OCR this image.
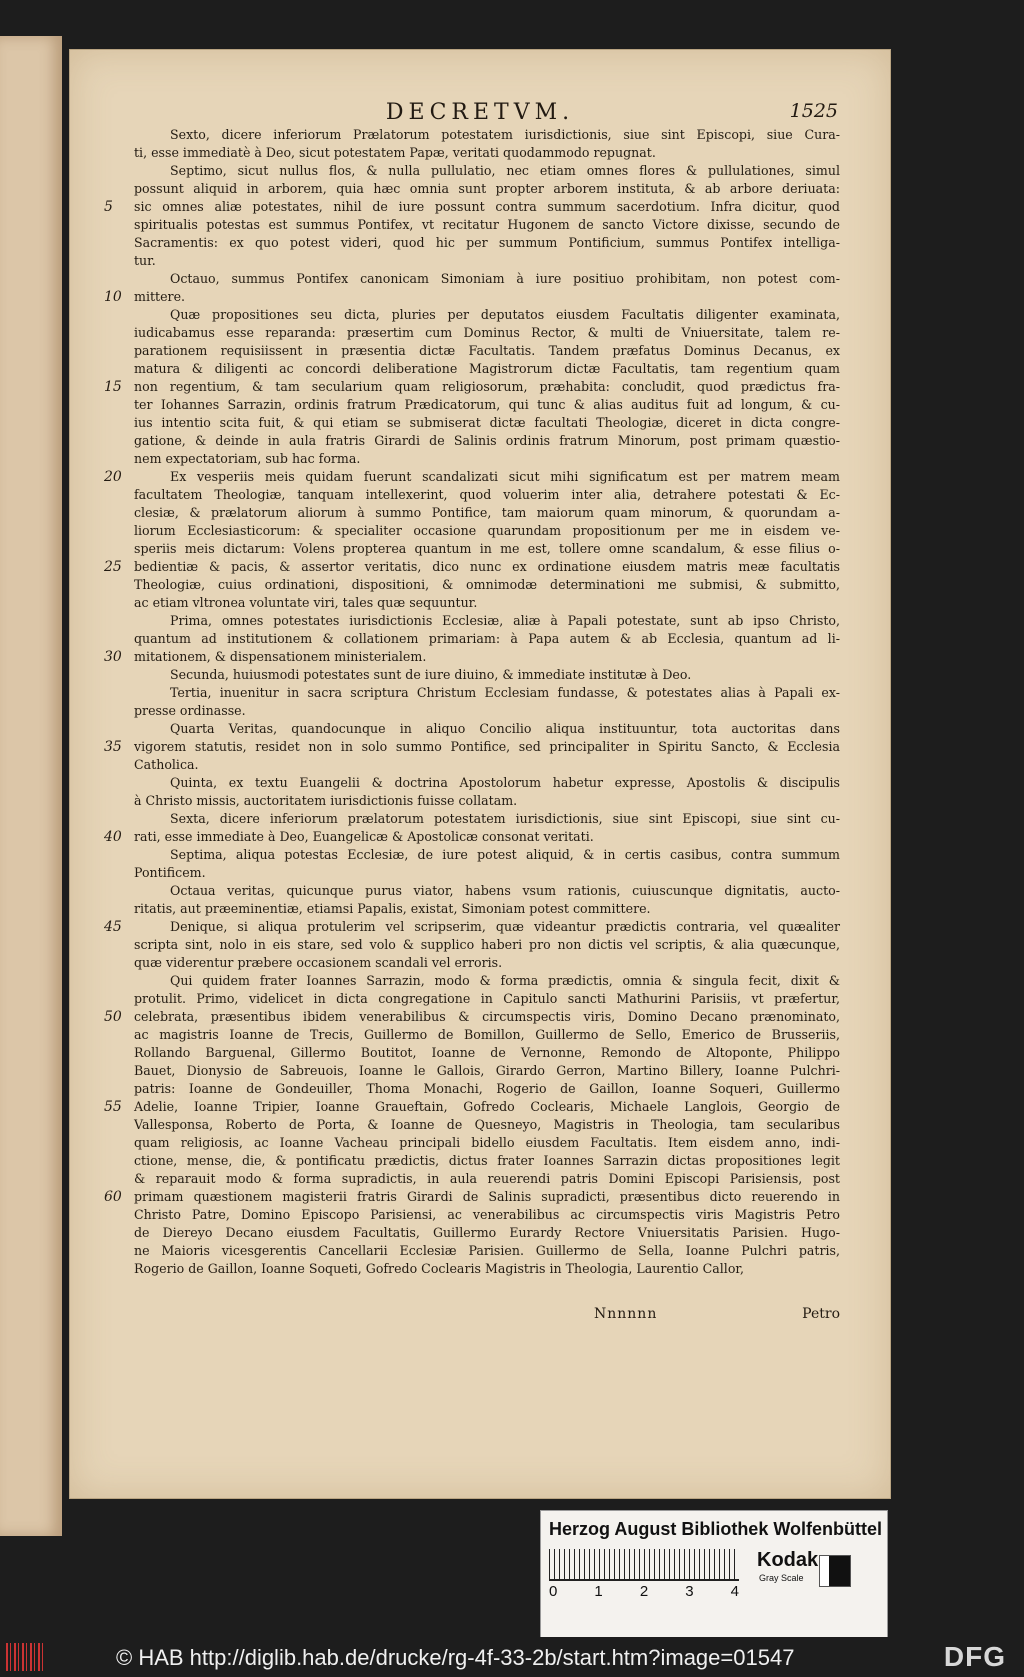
DECRETVM.	1525
Sexto, dicere inferiorum Prælatorum potestatem iurisdictionis, siue sint Episcopi, siue Cura-
ti, esse immediatè à Deo, sicut potestatem Papæ, veritati quodammodo repugnat.
Septimo, sicut nullus flos, & nulla pullulatio, nec etiam omnes flores & pullulationes, simul
possunt aliquid in arborem, quia hæc omnia sunt propter arborem instituta, & ab arbore deriuata:
5	sic omnes aliæ potestates, nihil de iure possunt contra summum sacerdotium. Infra dicitur, quod
spiritualis potestas est summus Pontifex, vt recitatur Hugonem de sancto Victore dixisse, secundo de
Sacramentis: ex quo potest videri, quod hic per summum Pontificium, summus Pontifex intelliga-
tur.
Octauo, summus Pontifex canonicam Simoniam à iure positiuo prohibitam, non potest com-
10 mittere.
Quæ propositiones seu dicta, pluries per deputatos eiusdem Facultatis diligenter examinata,
iudicabamus esse reparanda: præsertim cum Dominus Rector, & multi de Vniuersitate, talem re-
parationem requisiissent in præsentia dictæ Facultatis. Tandem præfatus Dominus Decanus, ex
matura & diligenti ac concordi deliberatione Magistrorum dictæ Facultatis, tam regentium quam
15 non regentium, & tam secularium quam religiosorum, præhabita: concludit, quod prædictus fra-
ter Iohannes Sarrazin, ordinis fratrum Prædicatorum, qui tunc & alias auditus fuit ad longum, & cu-
ius intentio scita fuit, & qui etiam se submiserat dictæ facultati Theologiæ, diceret in dicta congre-
gatione, & deinde in aula fratris Girardi de Salinis ordinis fratrum Minorum, post primam quæstio-
nem expectatoriam, sub hac forma.
20	Ex vesperiis meis quidam fuerunt scandalizati sicut mihi significatum est per matrem meam
facultatem Theologiæ, tanquam intellexerint, quod voluerim inter alia, detrahere potestati & Ec-
clesiæ, & prælatorum aliorum à summo Pontifice, tam maiorum quam minorum, & quorundam a-
liorum Ecclesiasticorum: & specialiter occasione quarundam propositionum per me in eisdem ve-
speriis meis dictarum: Volens propterea quantum in me est, tollere omne scandalum, & esse filius o-
25 bedientiæ & pacis, & assertor veritatis, dico nunc ex ordinatione eiusdem matris meæ facultatis
Theologiæ, cuius ordinationi, dispositioni, & omnimodæ determinationi me submisi, & submitto,
ac etiam vltronea voluntate viri, tales quæ sequuntur.
Prima, omnes potestates iurisdictionis Ecclesiæ, aliæ à Papali potestate, sunt ab ipso Christo,
quantum ad institutionem & collationem primariam: à Papa autem & ab Ecclesia, quantum ad li-
30 mitationem, & dispensationem ministerialem.
Secunda, huiusmodi potestates sunt de iure diuino, & immediate institutæ à Deo.
Tertia, inuenitur in sacra scriptura Christum Ecclesiam fundasse, & potestates alias à Papali ex-
presse ordinasse.
Quarta Veritas, quandocunque in aliquo Concilio aliqua instituuntur, tota auctoritas dans
35 vigorem statutis, residet non in solo summo Pontifice, sed principaliter in Spiritu Sancto, & Ecclesia
Catholica.
Quinta, ex textu Euangelii & doctrina Apostolorum habetur expresse, Apostolis & discipulis
à Christo missis, auctoritatem iurisdictionis fuisse collatam.
Sexta, dicere inferiorum prælatorum potestatem iurisdictionis, siue sint Episcopi, siue sint cu-
40 rati, esse immediate à Deo, Euangelicæ & Apostolicæ consonat veritati.
Septima, aliqua potestas Ecclesiæ, de iure potest aliquid, & in certis casibus, contra summum
Pontificem.
Octaua veritas, quicunque purus viator, habens vsum rationis, cuiuscunque dignitatis, aucto-
ritatis, aut præeminentiæ, etiamsi Papalis, existat, Simoniam potest committere.
45	Denique, si aliqua protulerim vel scripserim, quæ videantur prædictis contraria, vel quæaliter
scripta sint, nolo in eis stare, sed volo & supplico haberi pro non dictis vel scriptis, & alia quæcunque,
quæ viderentur præbere occasionem scandali vel erroris.
Qui quidem frater Ioannes Sarrazin, modo & forma prædictis, omnia & singula fecit, dixit &
protulit. Primo, videlicet in dicta congregatione in Capitulo sancti Mathurini Parisiis, vt præfertur,
50 celebrata, præsentibus ibidem venerabilibus & circumspectis viris, Domino Decano prænominato,
ac magistris Ioanne de Trecis, Guillermo de Bomillon, Guillermo de Sello, Emerico de Brusseriis,
Rollando Barguenal, Gillermo Boutitot, Ioanne de Vernonne, Remondo de Altoponte, Philippo
Bauet, Dionysio de Sabreuois, Ioanne le Gallois, Girardo Gerron, Martino Billery, Ioanne Pulchri-
patris: Ioanne de Gondeuiller, Thoma Monachi, Rogerio de Gaillon, Ioanne Soqueri, Guillermo
55 Adelie, Ioanne Tripier, Ioanne Graueftain, Gofredo Coclearis, Michaele Langlois, Georgio de
Vallesponsa, Roberto de Porta, & Ioanne de Quesneyo, Magistris in Theologia, tam secularibus
quam religiosis, ac Ioanne Vacheau principali bidello eiusdem Facultatis. Item eisdem anno, indi-
ctione, mense, die, & pontificatu prædictis, dictus frater Ioannes Sarrazin dictas propositiones legit
& reparauit modo & forma supradictis, in aula reuerendi patris Domini Episcopi Parisiensis, post
60 primam quæstionem magisterii fratris Girardi de Salinis supradicti, præsentibus dicto reuerendo in
Christo Patre, Domino Episcopo Parisiensi, ac venerabilibus ac circumspectis viris Magistris Petro
de Diereyo Decano eiusdem Facultatis, Guillermo Eurardy Rectore Vniuersitatis Parisien. Hugo-
ne Maioris vicesgerentis Cancellarii Ecclesiæ Parisien. Guillermo de Sella, Ioanne Pulchri patris,
Rogerio de Gaillon, Ioanne Soqueti, Gofredo Coclearis Magistris in Theologia, Laurentio Callor,
Nnnnnn	Petro
Herzog August Bibliothek Wolfenbüttel
0 1 2 3 4
Kodak
Gray Scale
© HAB http://diglib.hab.de/drucke/rg-4f-33-2b/start.htm?image=01547	DFG
